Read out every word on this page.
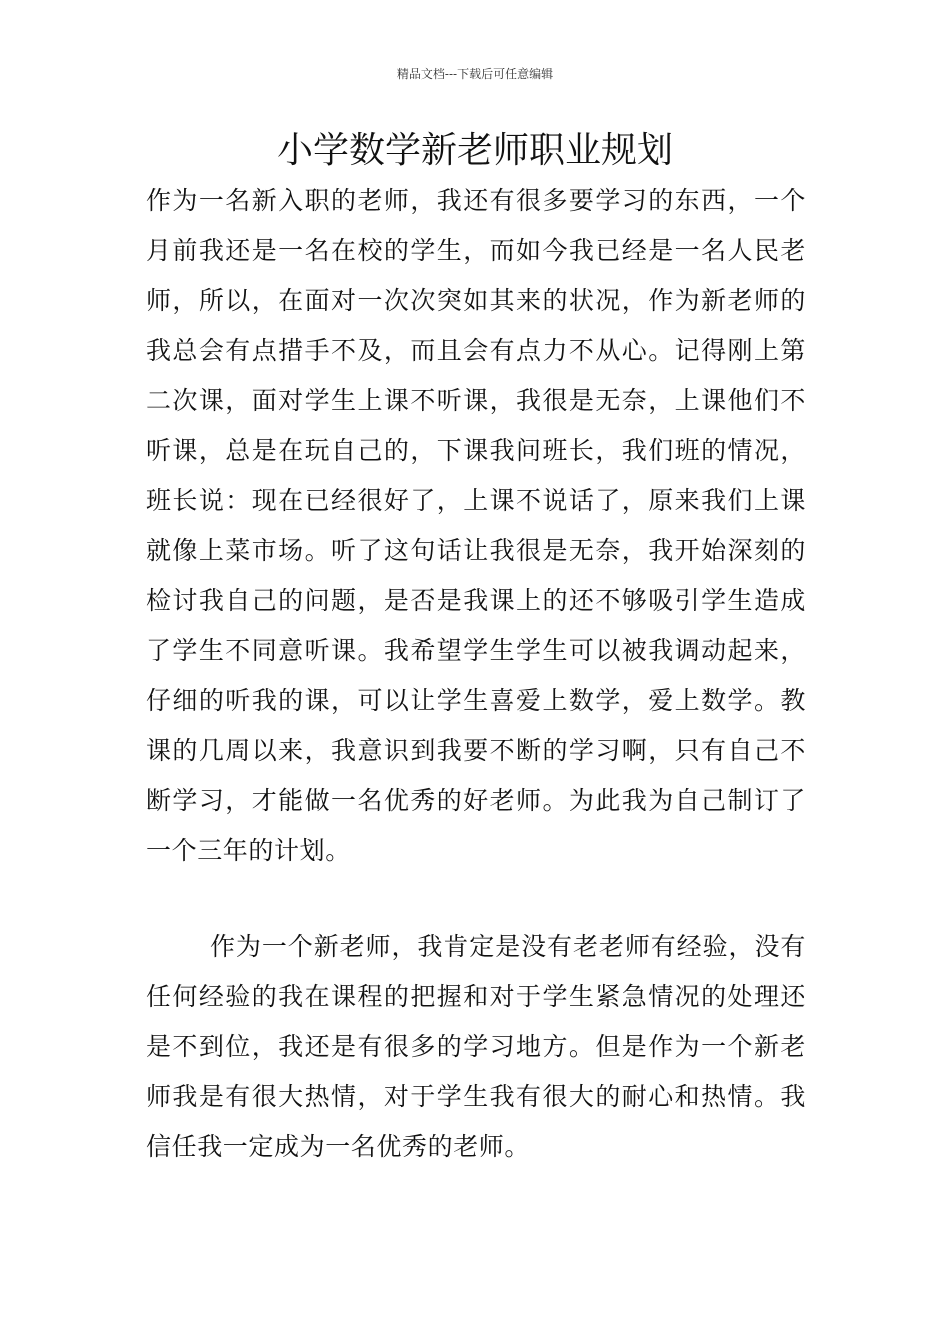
精品文档---下载后可任意编辑
小学数学新老师职业规划

作为一名新入职的老师，我还有很多要学习的东西，一个月前我还是一名在校的学生，而如今我已经是一名人民老师，所以，在面对一次次突如其来的状况，作为新老师的我总会有点措手不及，而且会有点力不从心。记得刚上第二次课，面对学生上课不听课，我很是无奈，上课他们不听课，总是在玩自己的，下课我问班长，我们班的情况，班长说：现在已经很好了，上课不说话了，原来我们上课就像上菜市场。听了这句话让我很是无奈，我开始深刻的检讨我自己的问题，是否是我课上的还不够吸引学生造成了学生不同意听课。我希望学生学生可以被我调动起来，仔细的听我的课，可以让学生喜爱上数学，爱上数学。教课的几周以来，我意识到我要不断的学习啊，只有自己不断学习，才能做一名优秀的好老师。为此我为自己制订了一个三年的计划。

作为一个新老师，我肯定是没有老老师有经验，没有任何经验的我在课程的把握和对于学生紧急情况的处理还是不到位，我还是有很多的学习地方。但是作为一个新老师我是有很大热情，对于学生我有很大的耐心和热情。我信任我一定成为一名优秀的老师。
